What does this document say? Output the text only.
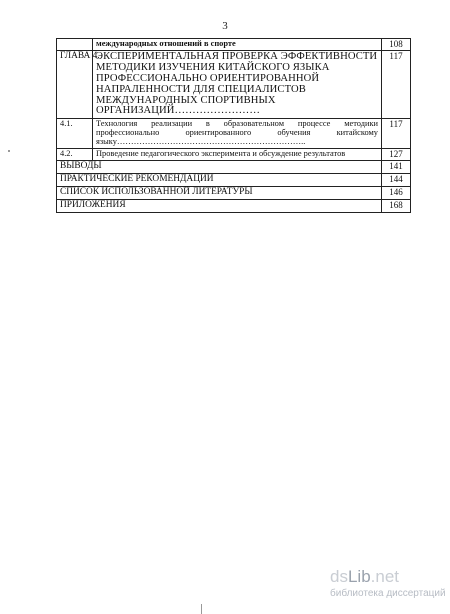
3
	международных отношений в спорте	108
ГЛАВА 4.	ЭКСПЕРИМЕНТАЛЬНАЯ ПРОВЕРКА ЭФФЕКТИВНОСТИ МЕТОДИКИ ИЗУЧЕНИЯ КИТАЙСКОГО ЯЗЫКА ПРОФЕССИОНАЛЬНО ОРИЕНТИРОВАННОЙ НАПРАЛЕННОСТИ ДЛЯ СПЕЦИАЛИСТОВ МЕЖДУНАРОДНЫХ СПОРТИВНЫХ ОРГАНИЗАЦИЙ……………………	117
4.1.	Технология реализации в образовательном процессе методики профессионально ориентированного обучения китайскому языку…………………………………………………………..	117
4.2.	Проведение педагогического эксперимента и обсуждение результатов	127
ВЫВОДЫ		141
ПРАКТИЧЕСКИЕ РЕКОМЕНДАЦИИ		144
СПИСОК ИСПОЛЬЗОВАННОЙ ЛИТЕРАТУРЫ		146
ПРИЛОЖЕНИЯ		168
dsLib.net
библиотека диссертаций
